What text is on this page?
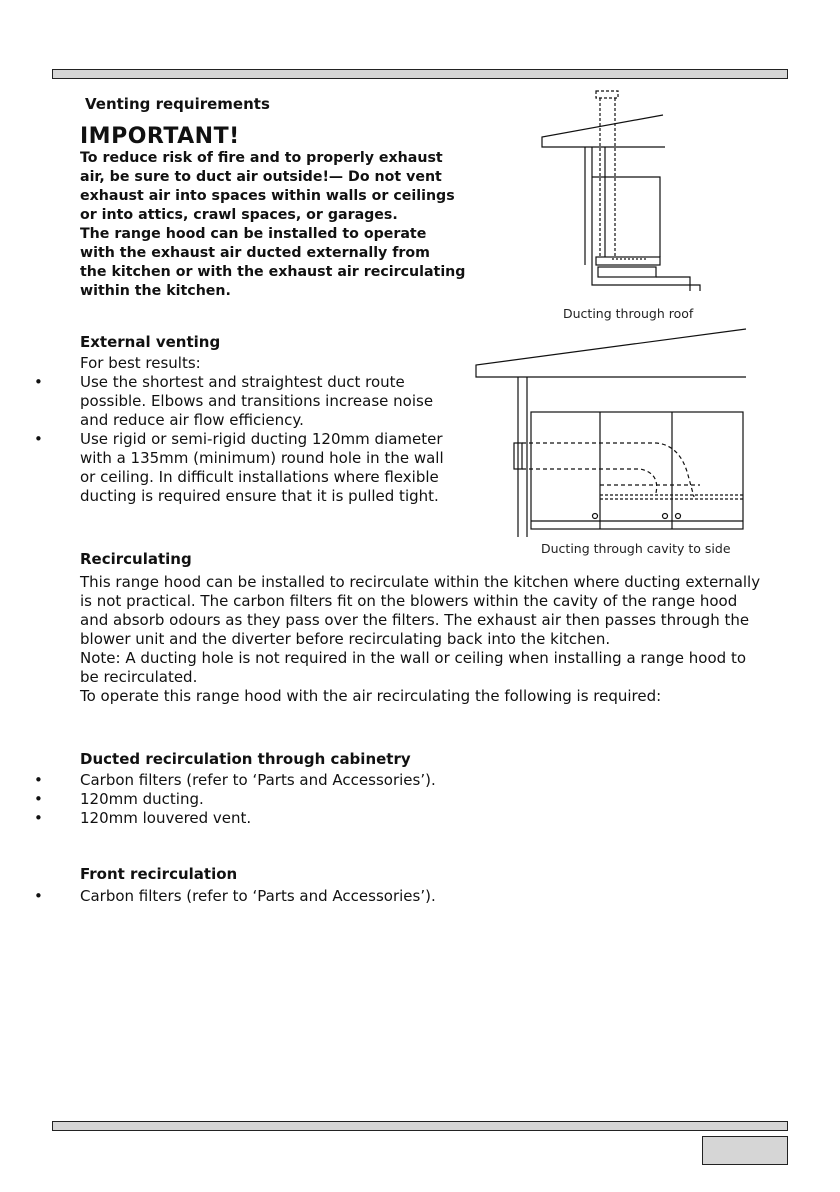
Venting requirements
IMPORTANT!
To reduce risk of fire and to properly exhaust
air, be sure to duct air outside!— Do not vent
exhaust air into spaces within walls or ceilings
or into attics, crawl spaces, or garages.
The range hood can be installed to operate
with the exhaust air ducted externally from
the kitchen or with the exhaust air recirculating
within the kitchen.
Ducting through roof
External venting
For best results:
• Use the shortest and straightest duct route
possible. Elbows and transitions increase noise
and reduce air flow efficiency.
• Use rigid or semi-rigid ducting 120mm diameter
with a 135mm (minimum) round hole in the wall
or ceiling. In difficult installations where flexible
ducting is required ensure that it is pulled tight.
Ducting through cavity to side
Recirculating
This range hood can be installed to recirculate within the kitchen where ducting externally
is not practical. The carbon filters fit on the blowers within the cavity of the range hood
and absorb odours as they pass over the filters. The exhaust air then passes through the
blower unit and the diverter before recirculating back into the kitchen.
Note: A ducting hole is not required in the wall or ceiling when installing a range hood to
be recirculated.
To operate this range hood with the air recirculating the following is required:
Ducted recirculation through cabinetry
• Carbon filters (refer to ‘Parts and Accessories’).
• 120mm ducting.
• 120mm louvered vent.
Front recirculation
• Carbon filters (refer to ‘Parts and Accessories’).
